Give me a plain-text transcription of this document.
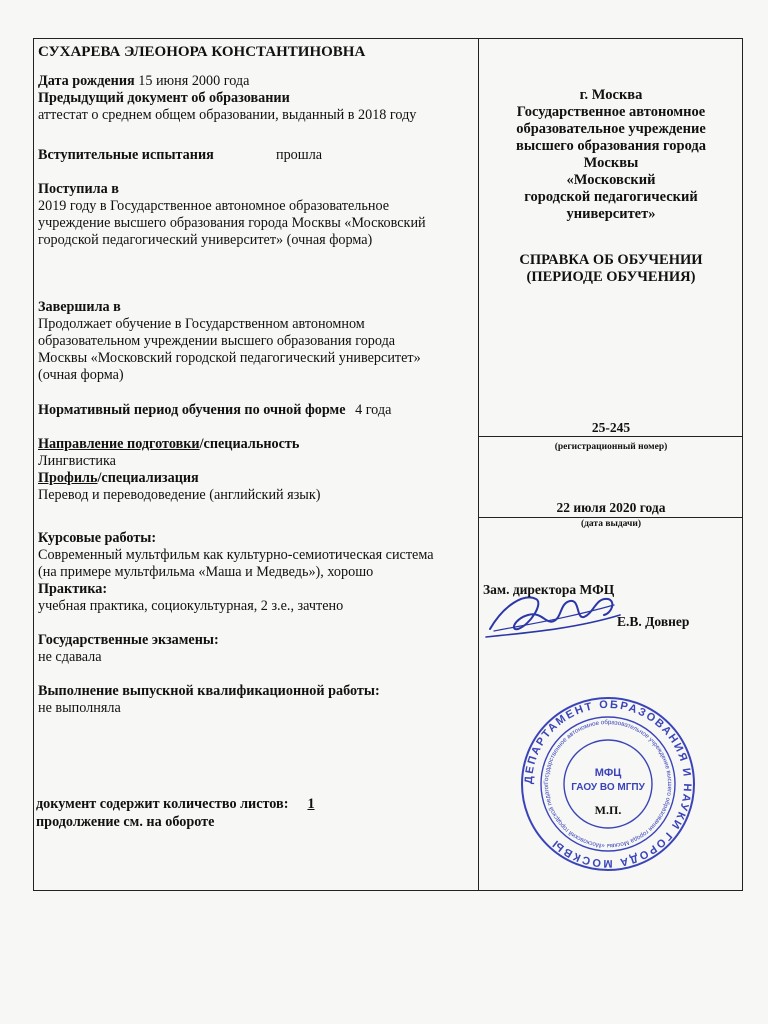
СУХАРЕВА ЭЛЕОНОРА КОНСТАНТИНОВНА
Дата рождения 15 июня 2000 года
Предыдущий документ об образовании
аттестат о среднем общем образовании, выданный в 2018 году
Вступительные испытания	прошла
Поступила в
2019 году в Государственное автономное образовательное
учреждение высшего образования города Москвы «Московский
городской педагогический университет» (очная форма)
Завершила в
Продолжает обучение в Государственном автономном
образовательном учреждении высшего образования города
Москвы «Московский городской педагогический университет»
(очная форма)
Нормативный период обучения по очной форме 4 года
Направление подготовки/специальность
Лингвистика
Профиль/специализация
Перевод и переводоведение (английский язык)
Курсовые работы:
Современный мультфильм как культурно-семиотическая система
(на примере мультфильма «Маша и Медведь»), хорошо
Практика:
учебная практика, социокультурная, 2 з.е., зачтено
Государственные экзамены:
не сдавала
Выполнение выпускной квалификационной работы:
не выполняла
документ содержит количество листов: 1
продолжение см. на обороте
г. Москва
Государственное автономное
образовательное учреждение
высшего образования города
Москвы
«Московский
городской педагогический
университет»
СПРАВКА ОБ ОБУЧЕНИИ
(ПЕРИОДЕ ОБУЧЕНИЯ)
25-245
(регистрационный номер)
22 июля 2020 года
(дата выдачи)
Зам. директора МФЦ
Е.В. Довнер
ДЕПАРТАМЕНТ ОБРАЗОВАНИЯ И НАУКИ ГОРОДА МОСКВЫ
Государственное автономное образовательное учреждение высшего образования города Москвы «Московский городской педагог
МФЦ
ГАОУ ВО МГПУ
М.П.
